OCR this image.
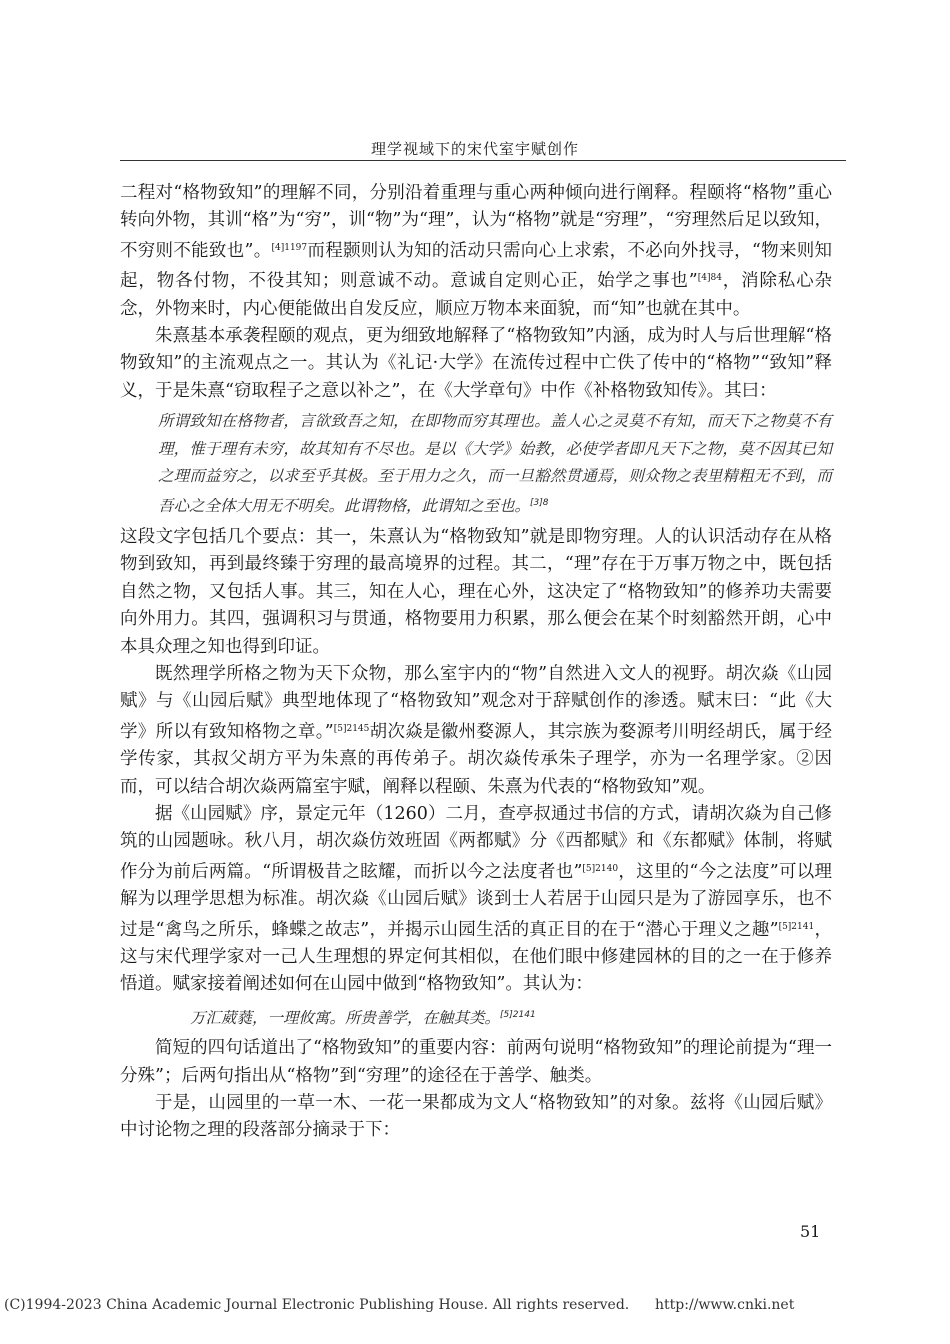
理学视域下的宋代室宇赋创作

二程对“格物致知”的理解不同，分别沿着重理与重心两种倾向进行阐释。程颐将“格物”重心转向外物，其训“格”为“穷”，训“物”为“理”，认为“格物”就是“穷理”，“穷理然后足以致知，不穷则不能致也”。$^{[4]1197}$而程颢则认为知的活动只需向心上求索，不必向外找寻，“物来则知起，物各付物，不役其知；则意诚不动。意诚自定则心正，始学之事也”$^{[4]84}$，消除私心杂念，外物来时，内心便能做出自发反应，顺应万物本来面貌，而“知”也就在其中。

朱熹基本承袭程颐的观点，更为细致地解释了“格物致知”内涵，成为时人与后世理解“格物致知”的主流观点之一。其认为《礼记·大学》在流传过程中亡佚了传中的“格物”“致知”释义，于是朱熹“窃取程子之意以补之”，在《大学章句》中作《补格物致知传》。其曰：

所谓致知在格物者，言欲致吾之知，在即物而穷其理也。盖人心之灵莫不有知，而天下之物莫不有理，惟于理有未穷，故其知有不尽也。是以《大学》始教，必使学者即凡天下之物，莫不因其已知之理而益穷之，以求至乎其极。至于用力之久，而一旦豁然贯通焉，则众物之表里精粗无不到，而吾心之全体大用无不明矣。此谓物格，此谓知之至也。$^{[3]8}$

这段文字包括几个要点：其一，朱熹认为“格物致知”就是即物穷理。人的认识活动存在从格物到致知，再到最终臻于穷理的最高境界的过程。其二，“理”存在于万事万物之中，既包括自然之物，又包括人事。其三，知在人心，理在心外，这决定了“格物致知”的修养功夫需要向外用力。其四，强调积习与贯通，格物要用力积累，那么便会在某个时刻豁然开朗，心中本具众理之知也得到印证。

既然理学所格之物为天下众物，那么室宇内的“物”自然进入文人的视野。胡次焱《山园赋》与《山园后赋》典型地体现了“格物致知”观念对于辞赋创作的渗透。赋末曰：“此《大学》所以有致知格物之章。”$^{[5]2145}$胡次焱是徽州婺源人，其宗族为婺源考川明经胡氏，属于经学传家，其叔父胡方平为朱熹的再传弟子。胡次焱传承朱子理学，亦为一名理学家。②因而，可以结合胡次焱两篇室宇赋，阐释以程颐、朱熹为代表的“格物致知”观。

据《山园赋》序，景定元年（1260）二月，查亭叔通过书信的方式，请胡次焱为自己修筑的山园题咏。秋八月，胡次焱仿效班固《两都赋》分《西都赋》和《东都赋》体制，将赋作分为前后两篇。“所谓极昔之眩耀，而折以今之法度者也”$^{[5]2140}$，这里的“今之法度”可以理解为以理学思想为标准。胡次焱《山园后赋》谈到士人若居于山园只是为了游园享乐，也不过是“禽鸟之所乐，蜂蝶之故志”，并揭示山园生活的真正目的在于“潜心于理义之趣”$^{[5]2141}$，这与宋代理学家对一己人生理想的界定何其相似，在他们眼中修建园林的目的之一在于修养悟道。赋家接着阐述如何在山园中做到“格物致知”。其认为：

万汇葳蕤，一理攸寓。所贵善学，在触其类。$^{[5]2141}$

简短的四句话道出了“格物致知”的重要内容：前两句说明“格物致知”的理论前提为“理一分殊”；后两句指出从“格物”到“穷理”的途径在于善学、触类。

于是，山园里的一草一木、一花一果都成为文人“格物致知”的对象。兹将《山园后赋》中讨论物之理的段落部分摘录于下：

51
(C)1994-2023 China Academic Journal Electronic Publishing House. All rights reserved. http://www.cnki.net
